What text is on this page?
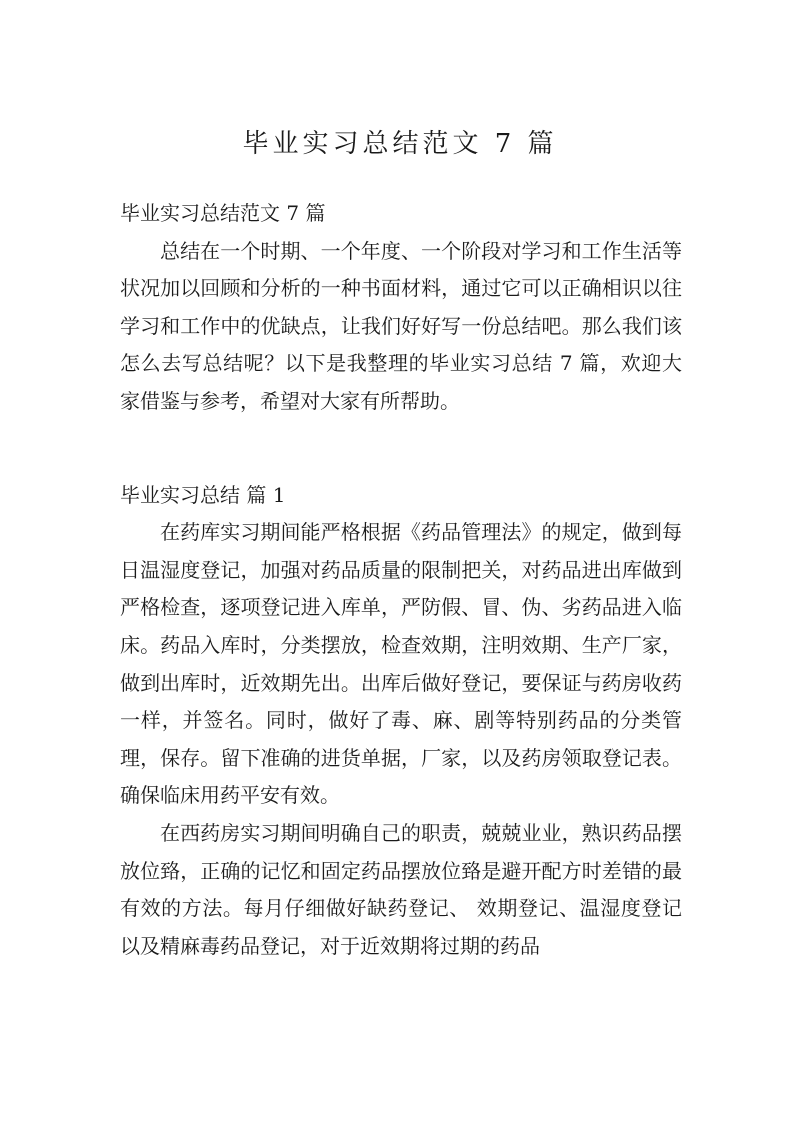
毕业实习总结范文 7 篇

毕业实习总结范文 7 篇

总结在一个时期、一个年度、一个阶段对学习和工作生活等状况加以回顾和分析的一种书面材料，通过它可以正确相识以往学习和工作中的优缺点，让我们好好写一份总结吧。那么我们该怎么去写总结呢？以下是我整理的毕业实习总结 7 篇，欢迎大家借鉴与参考，希望对大家有所帮助。

毕业实习总结 篇 1

在药库实习期间能严格根据《药品管理法》的规定，做到每日温湿度登记，加强对药品质量的限制把关，对药品进出库做到严格检查，逐项登记进入库单，严防假、冒、伪、劣药品进入临床。药品入库时，分类摆放，检查效期，注明效期、生产厂家，做到出库时，近效期先出。出库后做好登记，要保证与药房收药一样，并签名。同时，做好了毒、麻、剧等特别药品的分类管理，保存。留下准确的进货单据，厂家，以及药房领取登记表。确保临床用药平安有效。

在西药房实习期间明确自己的职责，兢兢业业，熟识药品摆放位臵，正确的记忆和固定药品摆放位臵是避开配方时差错的最有效的方法。每月仔细做好缺药登记、 效期登记、温湿度登记以及精麻毒药品登记，对于近效期将过期的药品
